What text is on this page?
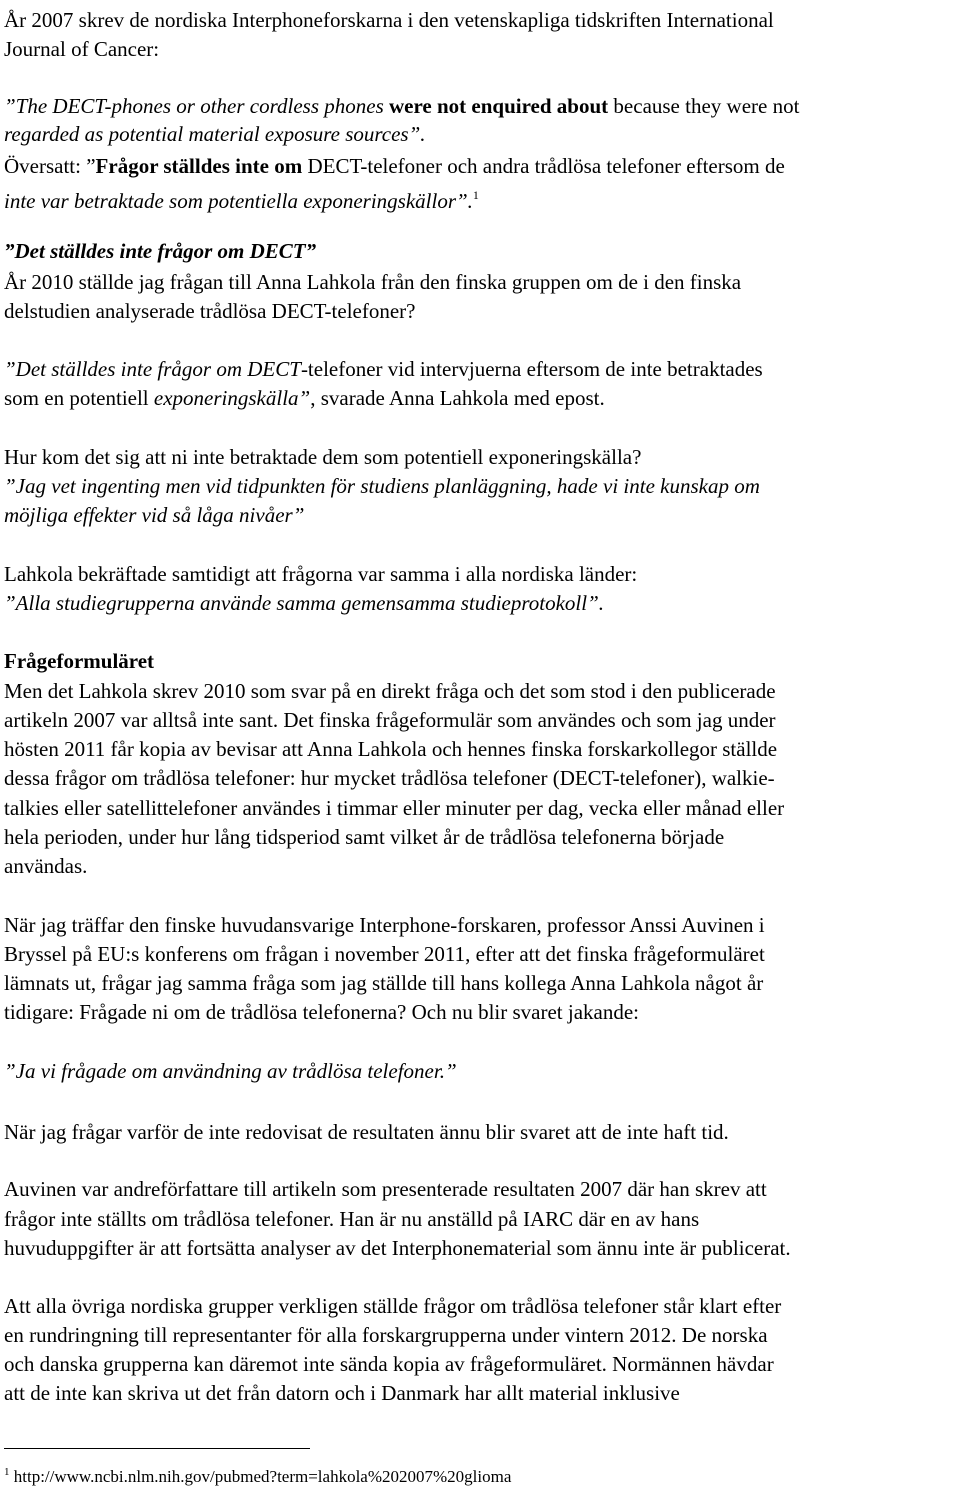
År 2007 skrev de nordiska Interphoneforskarna i den vetenskapliga tidskriften International
Journal of Cancer:
”The DECT-phones or other cordless phones were not enquired about because they were not
regarded as potential material exposure sources”.
Översatt: ”Frågor ställdes inte om DECT-telefoner och andra trådlösa telefoner eftersom de
inte var betraktade som potentiella exponeringskällor”.$^1$
”Det ställdes inte frågor om DECT”
År 2010 ställde jag frågan till Anna Lahkola från den finska gruppen om de i den finska
delstudien analyserade trådlösa DECT-telefoner?
”Det ställdes inte frågor om DECT-telefoner vid intervjuerna eftersom de inte betraktades
som en potentiell exponeringskälla”, svarade Anna Lahkola med epost.
Hur kom det sig att ni inte betraktade dem som potentiell exponeringskälla?
”Jag vet ingenting men vid tidpunkten för studiens planläggning, hade vi inte kunskap om
möjliga effekter vid så låga nivåer”
Lahkola bekräftade samtidigt att frågorna var samma i alla nordiska länder:
”Alla studiegrupperna använde samma gemensamma studieprotokoll”.
Frågeformuläret
Men det Lahkola skrev 2010 som svar på en direkt fråga och det som stod i den publicerade
artikeln 2007 var alltså inte sant. Det finska frågeformulär som användes och som jag under
hösten 2011 får kopia av bevisar att Anna Lahkola och hennes finska forskarkollegor ställde
dessa frågor om trådlösa telefoner: hur mycket trådlösa telefoner (DECT-telefoner), walkie-
talkies eller satellittelefoner användes i timmar eller minuter per dag, vecka eller månad eller
hela perioden, under hur lång tidsperiod samt vilket år de trådlösa telefonerna började
användas.
När jag träffar den finske huvudansvarige Interphone-forskaren, professor Anssi Auvinen i
Bryssel på EU:s konferens om frågan i november 2011, efter att det finska frågeformuläret
lämnats ut, frågar jag samma fråga som jag ställde till hans kollega Anna Lahkola något år
tidigare: Frågade ni om de trådlösa telefonerna? Och nu blir svaret jakande:
”Ja vi frågade om användning av trådlösa telefoner.”
När jag frågar varför de inte redovisat de resultaten ännu blir svaret att de inte haft tid.
Auvinen var andreförfattare till artikeln som presenterade resultaten 2007 där han skrev att
frågor inte ställts om trådlösa telefoner. Han är nu anställd på IARC där en av hans
huvuduppgifter är att fortsätta analyser av det Interphonematerial som ännu inte är publicerat.
Att alla övriga nordiska grupper verkligen ställde frågor om trådlösa telefoner står klart efter
en rundringning till representanter för alla forskargrupperna under vintern 2012. De norska
och danska grupperna kan däremot inte sända kopia av frågeformuläret. Normännen hävdar
att de inte kan skriva ut det från datorn och i Danmark har allt material inklusive
$^1$ http://www.ncbi.nlm.nih.gov/pubmed?term=lahkola%202007%20glioma
